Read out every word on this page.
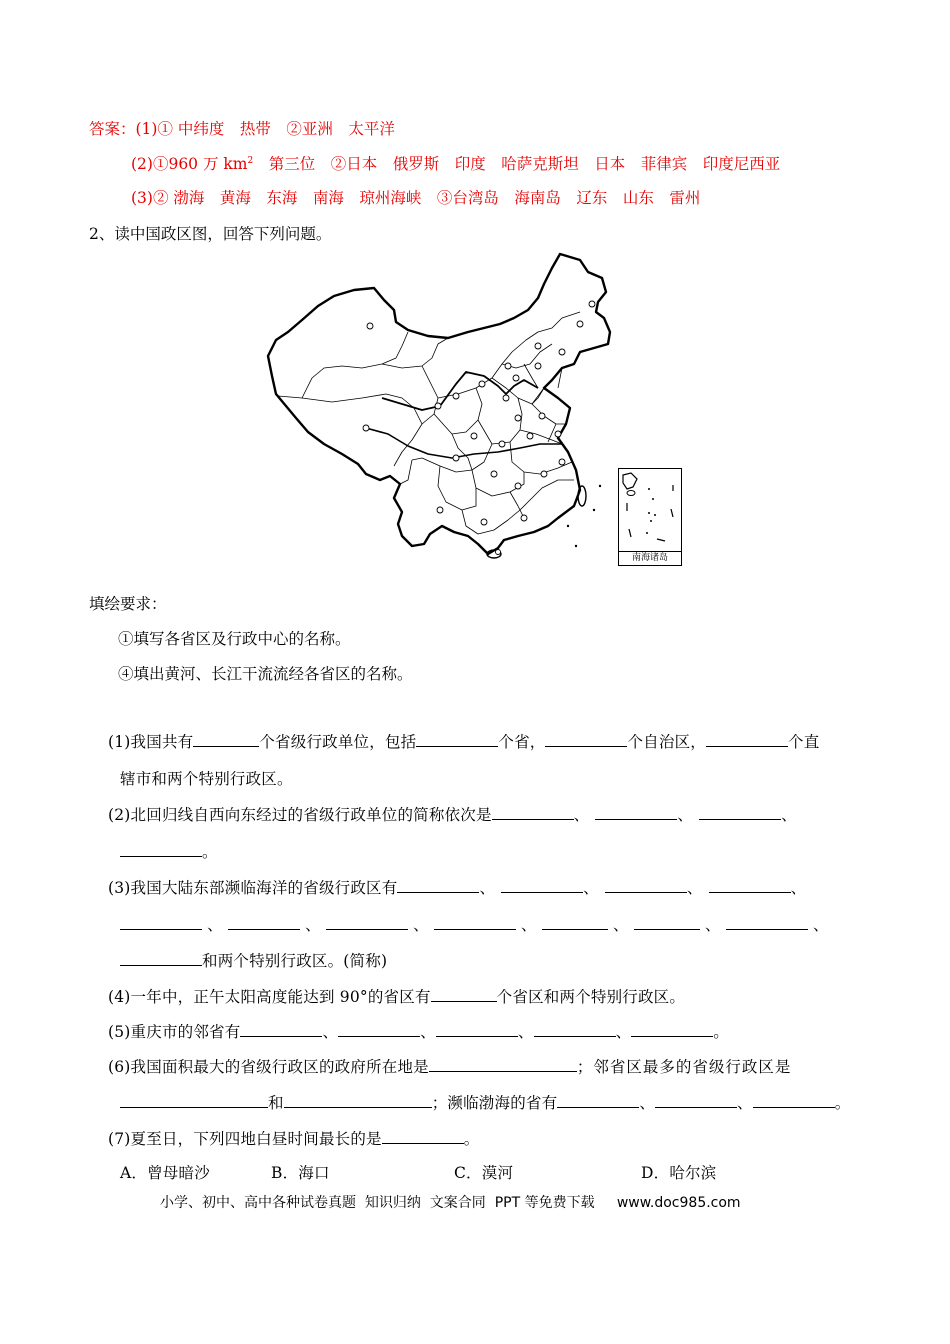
答案：(1)① 中纬度　热带　②亚洲　太平洋
(2)①960 万 $km^2$　第三位　②日本　俄罗斯　印度　哈萨克斯坦　日本　菲律宾　印度尼西亚
(3)② 渤海　黄海　东海　南海　琼州海峡　③台湾岛　海南岛　辽东　山东　雷州
2、读中国政区图，回答下列问题。
南海诸岛
填绘要求：
①填写各省区及行政中心的名称。
④填出黄河、长江干流流经各省区的名称。
(1)我国共有	个省级行政单位，包括	个省，	个自治区，	个直
辖市和两个特别行政区。
(2)北回归线自西向东经过的省级行政单位的简称依次是	、	、	、
。
(3)我国大陆东部濒临海洋的省级行政区有	、	、	、	、
、	、	、	、	、	、	、
和两个特别行政区。(简称)
(4)一年中，正午太阳高度能达到 90°的省区有	个省区和两个特别行政区。
(5)重庆市的邻省有	、	、	、	、	。
(6)我国面积最大的省级行政区的政府所在地是	；邻省区最多的省级行政区是
和	；濒临渤海的省有	、	、	。
(7)夏至日，下列四地白昼时间最长的是	。
A．曾母暗沙	B．海口	C．漠河	D．哈尔滨
小学、初中、高中各种试卷真题  知识归纳  文案合同  PPT 等免费下载     www.doc985.com
